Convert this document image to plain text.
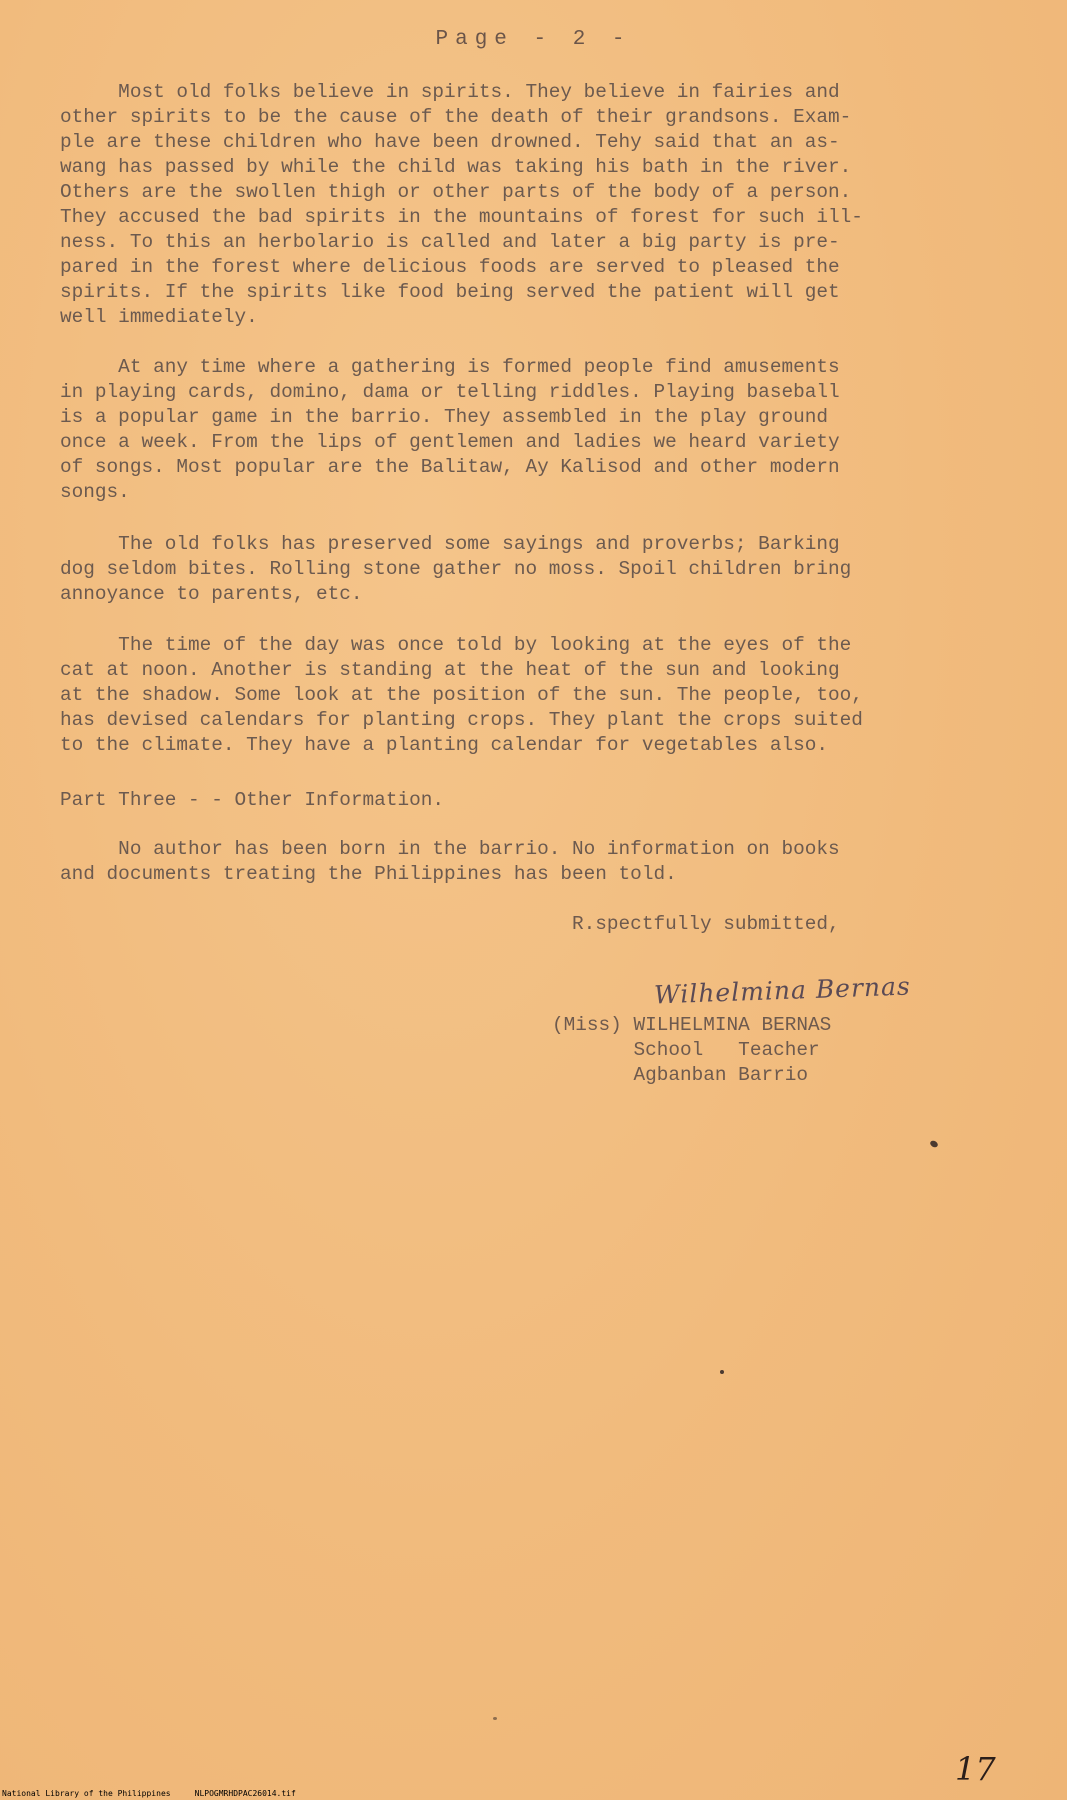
Page - 2 -
Most old folks believe in spirits. They believe in fairies and
other spirits to be the cause of the death of their grandsons. Exam-
ple are these children who have been drowned. Tehy said that an as-
wang has passed by while the child was taking his bath in the river.
Others are the swollen thigh or other parts of the body of a person.
They accused the bad spirits in the mountains of forest for such ill-
ness. To this an herbolario is called and later a big party is pre-
pared in the forest where delicious foods are served to pleased the
spirits. If the spirits like food being served the patient will get
well immediately.
At any time where a gathering is formed people find amusements
in playing cards, domino, dama or telling riddles. Playing baseball
is a popular game in the barrio. They assembled in the play ground
once a week. From the lips of gentlemen and ladies we heard variety
of songs. Most popular are the Balitaw, Ay Kalisod and other modern
songs.
The old folks has preserved some sayings and proverbs; Barking
dog seldom bites. Rolling stone gather no moss. Spoil children bring
annoyance to parents, etc.
The time of the day was once told by looking at the eyes of the
cat at noon. Another is standing at the heat of the sun and looking
at the shadow. Some look at the position of the sun. The people, too,
has devised calendars for planting crops. They plant the crops suited
to the climate. They have a planting calendar for vegetables also.
Part Three - - Other Information.
No author has been born in the barrio. No information on books
and documents treating the Philippines has been told.
R.spectfully submitted,
Wilhelmina Bernas
(Miss) WILHELMINA BERNAS
School   Teacher
Agbanban Barrio
National Library of the Philippines     NLPOGMRHDPAC26014.tif
17
